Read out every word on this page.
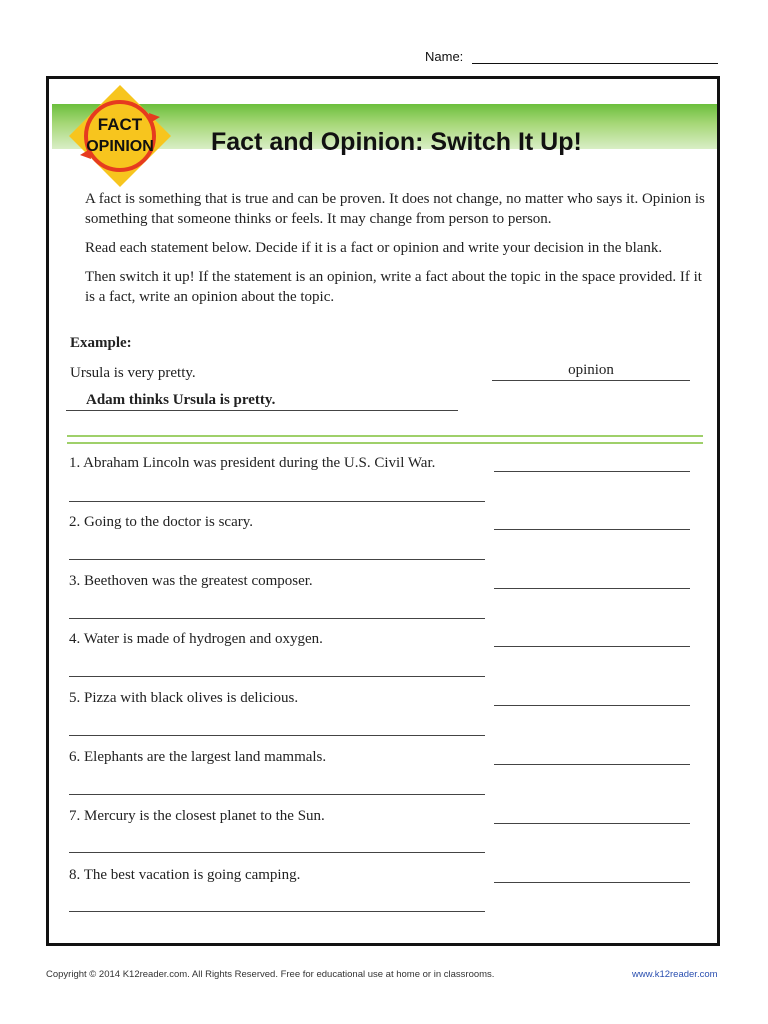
Name:
FACT
OPINION Fact and Opinion: Switch It Up!

A fact is something that is true and can be proven. It does not change, no matter who says it. Opinion is something that someone thinks or feels. It may change from person to person.

Read each statement below. Decide if it is a fact or opinion and write your decision in the blank.

Then switch it up! If the statement is an opinion, write a fact about the topic in the space provided. If it is a fact, write an opinion about the topic.

Example:
Ursula is very pretty.	opinion
Adam thinks Ursula is pretty.
1. Abraham Lincoln was president during the U.S. Civil War.
2. Going to the doctor is scary.
3. Beethoven was the greatest composer.
4. Water is made of hydrogen and oxygen.
5. Pizza with black olives is delicious.
6. Elephants are the largest land mammals.
7. Mercury is the closest planet to the Sun.
8. The best vacation is going camping.
Copyright © 2014 K12reader.com. All Rights Reserved. Free for educational use at home or in classrooms.	www.k12reader.com
